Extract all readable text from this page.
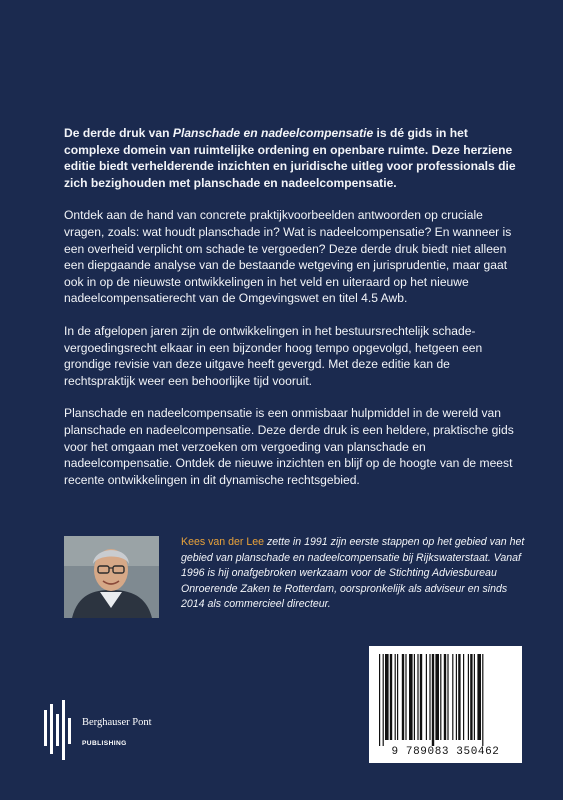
De derde druk van Planschade en nadeelcompensatie is dé gids in het complexe domein van ruimtelijke ordening en openbare ruimte. Deze herziene editie biedt verhelderende inzichten en juridische uitleg voor professionals die zich bezighouden met planschade en nadeelcompensatie.

Ontdek aan de hand van concrete praktijkvoorbeelden antwoorden op cruciale vragen, zoals: wat houdt planschade in? Wat is nadeelcompensatie? En wanneer is een overheid verplicht om schade te vergoeden? Deze derde druk biedt niet alleen een diepgaande analyse van de bestaande wetgeving en jurisprudentie, maar gaat ook in op de nieuwste ontwikkelingen in het veld en uiteraard op het nieuwe nadeelcompensatierecht van de Omgevingswet en titel 4.5 Awb.

In de afgelopen jaren zijn de ontwikkelingen in het bestuursrechtelijk schade-vergoedingsrecht elkaar in een bijzonder hoog tempo opgevolgd, hetgeen een grondige revisie van deze uitgave heeft gevergd. Met deze editie kan de rechtspraktijk weer een behoorlijke tijd vooruit.

Planschade en nadeelcompensatie is een onmisbaar hulpmiddel in de wereld van planschade en nadeelcompensatie. Deze derde druk is een heldere, praktische gids voor het omgaan met verzoeken om vergoeding van planschade en nadeelcompensatie. Ontdek de nieuwe inzichten en blijf op de hoogte van de meest recente ontwikkelingen in dit dynamische rechtsgebied.

Kees van der Lee zette in 1991 zijn eerste stappen op het gebied van het gebied van planschade en nadeelcompensatie bij Rijkswaterstaat. Vanaf 1996 is hij onafgebroken werkzaam voor de Stichting Adviesbureau Onroerende Zaken te Rotterdam, oorspronkelijk als adviseur en sinds 2014 als commercieel directeur.

Berghauser Pont
PUBLISHING
9 789083 350462
